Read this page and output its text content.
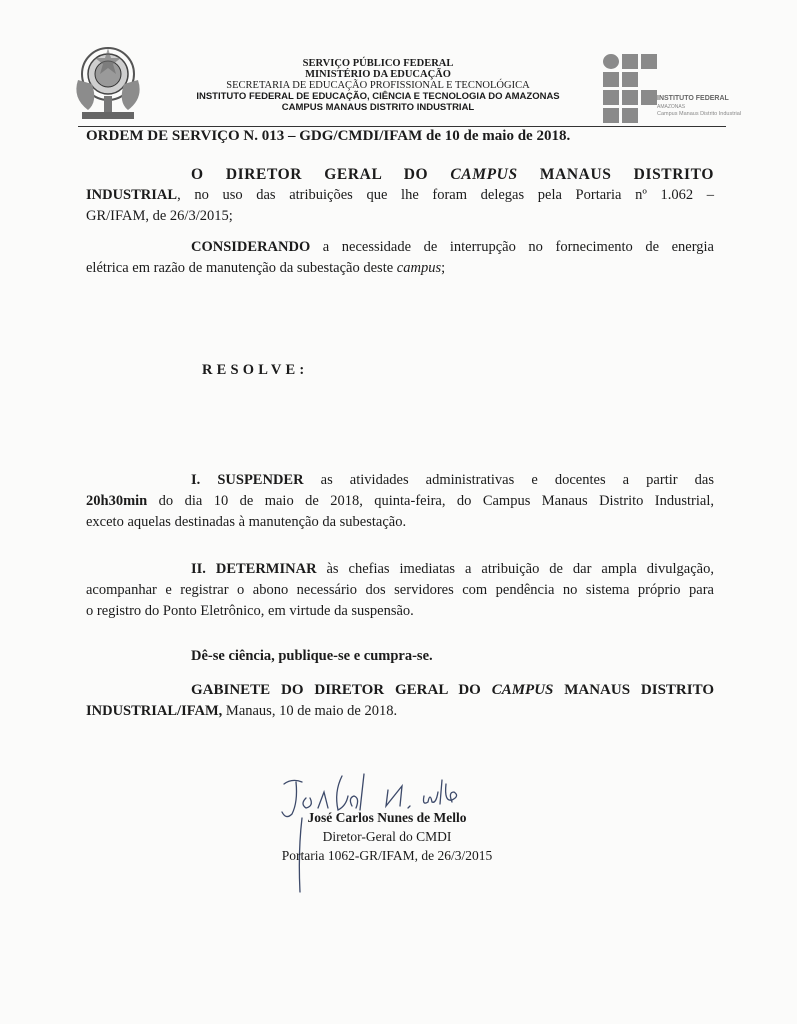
SERVIÇO PÚBLICO FEDERAL
MINISTÉRIO DA EDUCAÇÃO
SECRETARIA DE EDUCAÇÃO PROFISSIONAL E TECNOLÓGICA
INSTITUTO FEDERAL DE EDUCAÇÃO, CIÊNCIA E TECNOLOGIA DO AMAZONAS
CAMPUS MANAUS DISTRITO INDUSTRIAL
INSTITUTO FEDERAL
AMAZONAS
Campus Manaus Distrito Industrial
ORDEM DE SERVIÇO N. 013 – GDG/CMDI/IFAM de 10 de maio de 2018.
O DIRETOR GERAL DO CAMPUS MANAUS DISTRITO
INDUSTRIAL, no uso das atribuições que lhe foram delegas pela Portaria nº 1.062 –
GR/IFAM, de 26/3/2015;
CONSIDERANDO a necessidade de interrupção no fornecimento de energia
elétrica em razão de manutenção da subestação deste campus;
RESOLVE:
I. SUSPENDER as atividades administrativas e docentes a partir das
20h30min do dia 10 de maio de 2018, quinta-feira, do Campus Manaus Distrito Industrial,
exceto aquelas destinadas à manutenção da subestação.
II. DETERMINAR às chefias imediatas a atribuição de dar ampla divulgação,
acompanhar e registrar o abono necessário dos servidores com pendência no sistema próprio para
o registro do Ponto Eletrônico, em virtude da suspensão.
Dê-se ciência, publique-se e cumpra-se.
GABINETE DO DIRETOR GERAL DO CAMPUS MANAUS DISTRITO
INDUSTRIAL/IFAM, Manaus, 10 de maio de 2018.
José Carlos Nunes de Mello
Diretor-Geral do CMDI
Portaria 1062-GR/IFAM, de 26/3/2015
